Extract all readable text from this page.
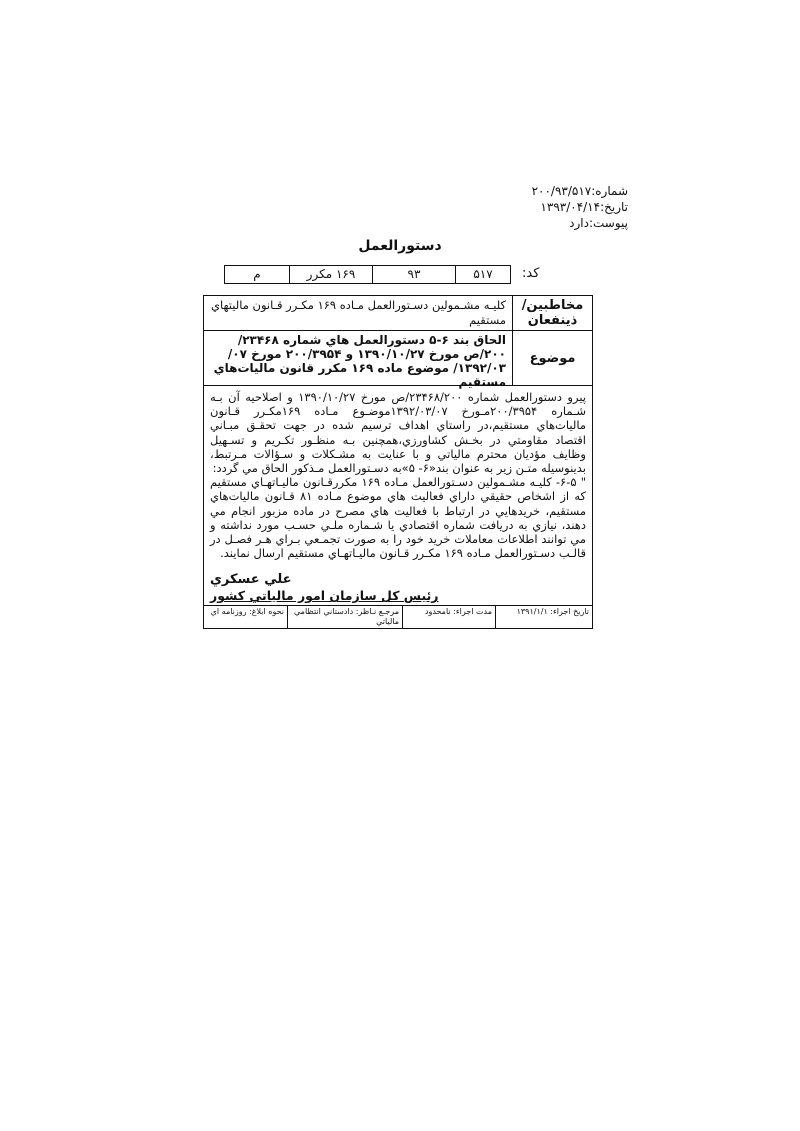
شماره:۲۰۰/۹۳/۵۱۷
تاريخ:۱۳۹۳/۰۴/۱۴
پيوست:دارد
دستورالعمل
کد:
م	۱۶۹ مکرر	۹۳	۵۱۷
مخاطبين/ ذينفعان
کليـه مشـمولين دسـتورالعمل مـاده ۱۶۹ مکـرر قـانون ماليتهاي مستقيم
موضوع
الحاق بند ۶-۵ دستورالعمل هاي شماره ۲۳۴۶۸/ ۲۰۰/ص مورخ ۱۳۹۰/۱۰/۲۷ و ۲۰۰/۳۹۵۴ مورخ ۰۷/ ۱۳۹۲/۰۳/ موضوع ماده ۱۶۹ مکرر قانون ماليات‌هاي مستقيم

پيرو دستورالعمل شماره ۲۳۴۶۸/۲۰۰/ص مورخ ۱۳۹۰/۱۰/۲۷ و اصلاحيه آن بـه شـماره ۲۰۰/۳۹۵۴مـورخ ۱۳۹۲/۰۳/۰۷موضـوع مـاده ۱۶۹مکـرر قـانون ماليات‌هاي مستقيم،در راستاي اهداف ترسيم شده در جهت تحقـق مبـاني اقتصاد مقاومتي در بخـش کشاورزي،همچنين بـه منظـور تکـريم و تسـهيل وظايف مؤديان محترم مالياتي و با عنايت به مشـکلات و سـؤالات مـرتبط، بدينوسيله متـن زير به عنوان بند«۶- ۵»به دسـتورالعمل مـذکور الحاق مي گردد:

" ۶-۵- کليـه مشـمولين دسـتورالعمل مـاده ۱۶۹ مکررقـانون ماليـاتهـاي مستقيم که از اشخاص حقيقي داراي فعاليت هاي موضوع مـاده ۸۱ قـانون ماليات‌هاي مستقيم، خريدهايي در ارتباط با فعاليت هاي مصرح در ماده مزبور انجام مي دهند، نيازي به دريافت شماره اقتصادي يا شـماره ملـي حسـب مورد نداشته و مي توانند اطلاعات معاملات خريد خود را به صورت تجمـعي بـراي هـر فصـل در قالـب دسـتورالعمل مـاده ۱۶۹ مکـرر قـانون ماليـاتهـاي مستقيم ارسال نمايند.

علي عسکري
رئيس کل سازمان امور مالياتي کشور
تاريخ اجراء: ۱۳۹۱/۱/۱
مدت اجراء: نامحدود
مرجـع نـاظر: دادستاني انتظامي مالياتي
نحوه ابلاغ: روزنامه اي
